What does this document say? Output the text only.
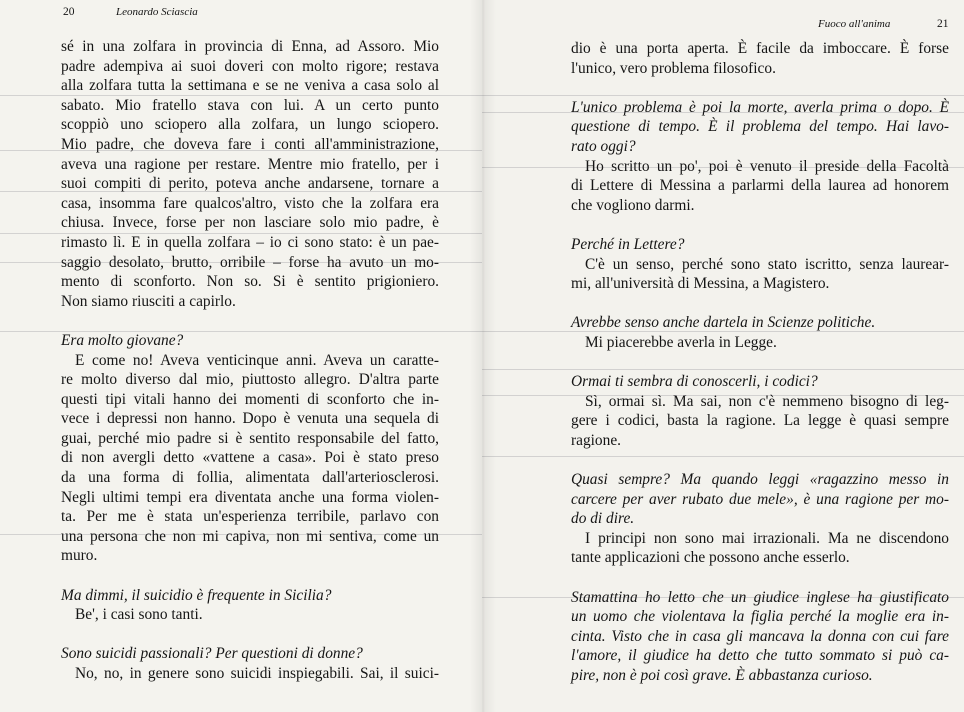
20	Leonardo Sciascia
sé in una zolfara in provincia di Enna, ad Assoro. Mio
padre adempiva ai suoi doveri con molto rigore; restava
alla zolfara tutta la settimana e se ne veniva a casa solo al
sabato. Mio fratello stava con lui. A un certo punto
scoppiò uno sciopero alla zolfara, un lungo sciopero.
Mio padre, che doveva fare i conti all'amministrazione,
aveva una ragione per restare. Mentre mio fratello, per i
suoi compiti di perito, poteva anche andarsene, tornare a
casa, insomma fare qualcos'altro, visto che la zolfara era
chiusa. Invece, forse per non lasciare solo mio padre, è
rimasto lì. E in quella zolfara – io ci sono stato: è un pae-
saggio desolato, brutto, orribile – forse ha avuto un mo-
mento di sconforto. Non so. Si è sentito prigioniero.
Non siamo riusciti a capirlo.
Era molto giovane?
E come no! Aveva venticinque anni. Aveva un caratte-
re molto diverso dal mio, piuttosto allegro. D'altra parte
questi tipi vitali hanno dei momenti di sconforto che in-
vece i depressi non hanno. Dopo è venuta una sequela di
guai, perché mio padre si è sentito responsabile del fatto,
di non avergli detto «vattene a casa». Poi è stato preso
da una forma di follia, alimentata dall'arteriosclerosi.
Negli ultimi tempi era diventata anche una forma violen-
ta. Per me è stata un'esperienza terribile, parlavo con
una persona che non mi capiva, non mi sentiva, come un
muro.
Ma dimmi, il suicidio è frequente in Sicilia?
Be', i casi sono tanti.
Sono suicidi passionali? Per questioni di donne?
No, no, in genere sono suicidi inspiegabili. Sai, il suici-
Fuoco all'anima	21
dio è una porta aperta. È facile da imboccare. È forse
l'unico, vero problema filosofico.
L'unico problema è poi la morte, averla prima o dopo. È
questione di tempo. È il problema del tempo. Hai lavo-
rato oggi?
Ho scritto un po', poi è venuto il preside della Facoltà
di Lettere di Messina a parlarmi della laurea ad honorem
che vogliono darmi.
Perché in Lettere?
C'è un senso, perché sono stato iscritto, senza laurear-
mi, all'università di Messina, a Magistero.
Avrebbe senso anche dartela in Scienze politiche.
Mi piacerebbe averla in Legge.
Ormai ti sembra di conoscerli, i codici?
Sì, ormai sì. Ma sai, non c'è nemmeno bisogno di leg-
gere i codici, basta la ragione. La legge è quasi sempre
ragione.
Quasi sempre? Ma quando leggi «ragazzino messo in
carcere per aver rubato due mele», è una ragione per mo-
do di dire.
I principi non sono mai irrazionali. Ma ne discendono
tante applicazioni che possono anche esserlo.
Stamattina ho letto che un giudice inglese ha giustificato
un uomo che violentava la figlia perché la moglie era in-
cinta. Visto che in casa gli mancava la donna con cui fare
l'amore, il giudice ha detto che tutto sommato si può ca-
pire, non è poi così grave. È abbastanza curioso.
